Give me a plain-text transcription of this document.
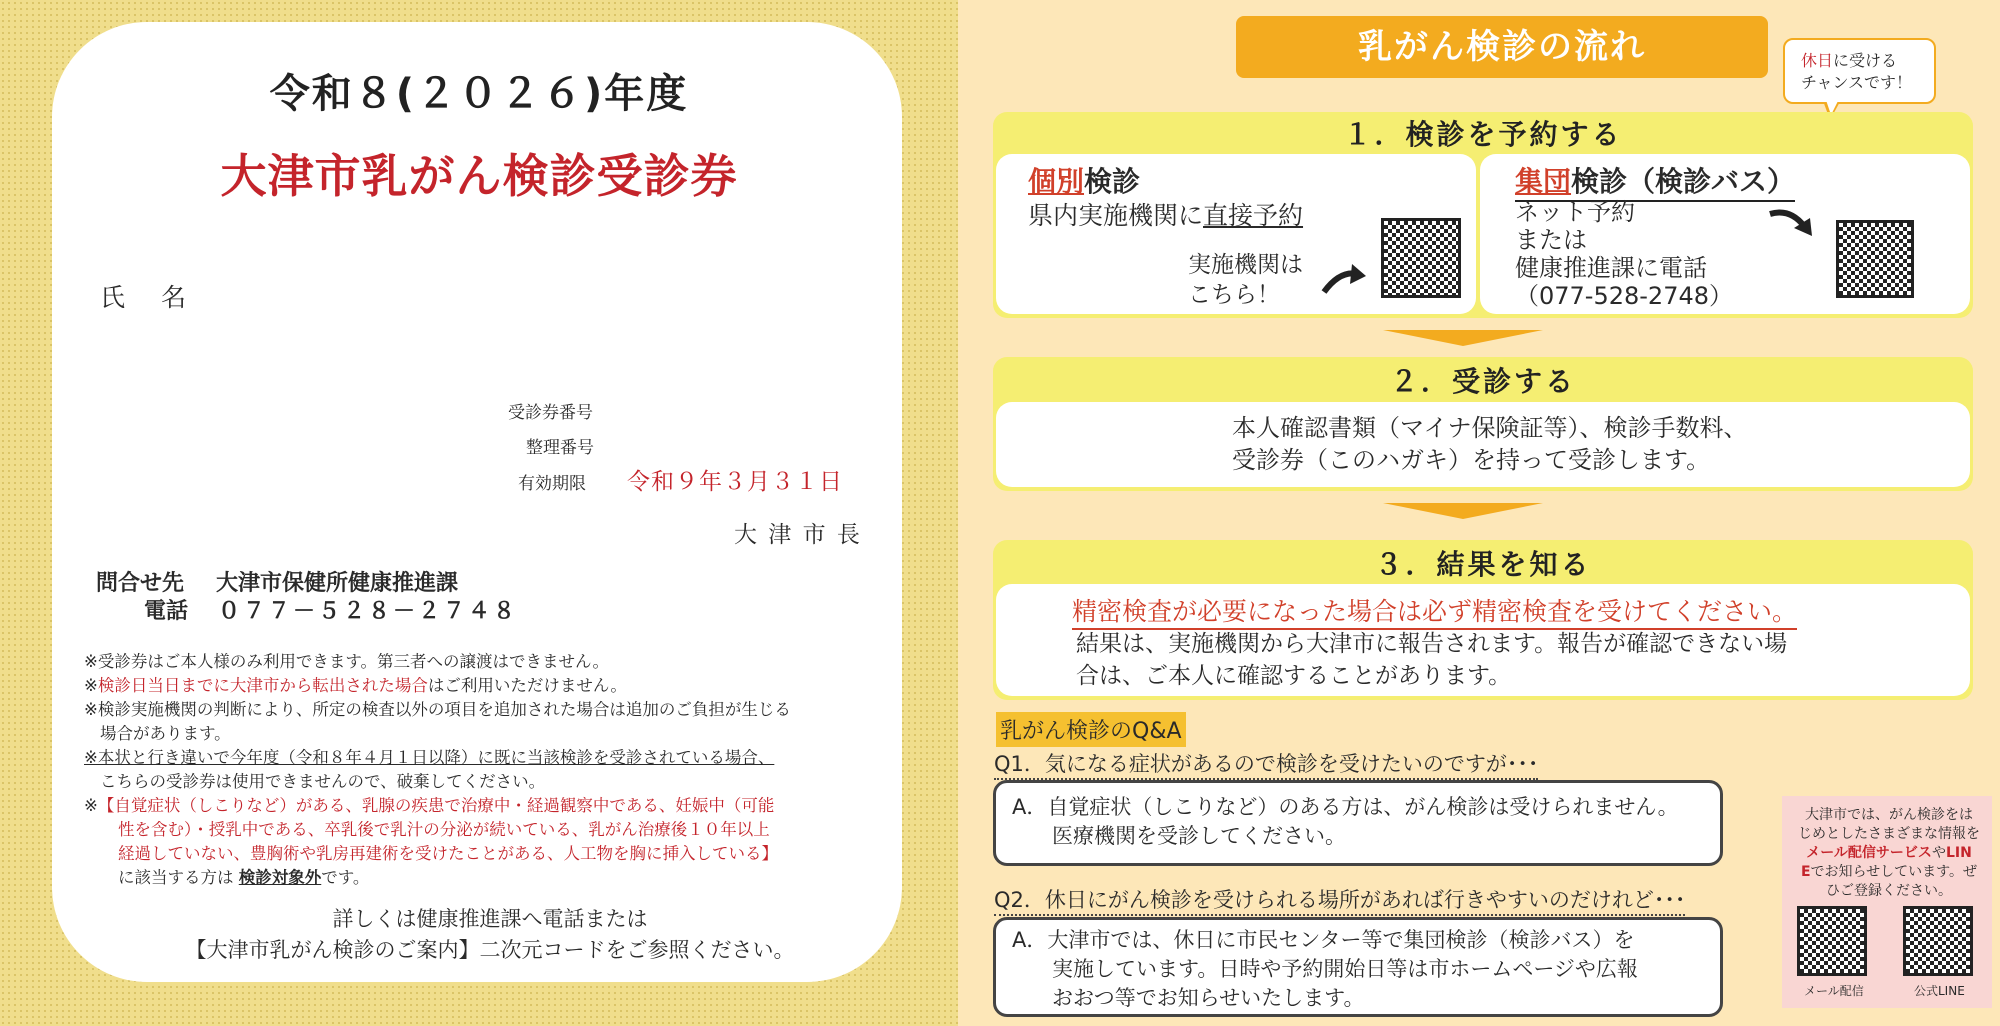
令和８(２０２６)年度
大津市乳がん検診受診券
氏 名
受診券番号
整理番号
有効期限 令和９年３月３１日
大 津 市 長
問合せ先 大津市保健所健康推進課
電話 ０７７－５２８－２７４８

※受診券はご本人様のみ利用できます。第三者への譲渡はできません。

※検診日当日までに大津市から転出された場合はご利用いただけません。

※検診実施機関の判断により、所定の検査以外の項目を追加された場合は追加のご負担が生じる

場合があります。

※本状と行き違いで今年度（令和８年４月１日以降）に既に当該検診を受診されている場合、

こちらの受診券は使用できませんので、破棄してください。

※【自覚症状（しこりなど）がある、乳腺の疾患で治療中・経過観察中である、妊娠中（可能

性を含む）・授乳中である、卒乳後で乳汁の分泌が続いている、乳がん治療後１０年以上

経過していない、豊胸術や乳房再建術を受けたことがある、人工物を胸に挿入している】

に該当する方は 検診対象外です。

詳しくは健康推進課へ電話または
【大津市乳がん検診のご案内】二次元コードをご参照ください。
乳がん検診の流れ	休日に受ける
チャンスです！
１．検診を予約する
個別検診
県内実施機関に直接予約
実施機関は
こちら！
集団検診（検診バス）
ネット予約
または
健康推進課に電話
（077-528-2748）
２．受診する
本人確認書類（マイナ保険証等）、検診手数料、
受診券（このハガキ）を持って受診します。
３．結果を知る
精密検査が必要になった場合は必ず精密検査を受けてください。
結果は、実施機関から大津市に報告されます。報告が確認できない場
合は、ご本人に確認することがあります。
乳がん検診のQ&A
Q1．気になる症状があるので検診を受けたいのですが･･･
A．自覚症状（しこりなど）のある方は、がん検診は受けられません。
医療機関を受診してください。
Q2．休日にがん検診を受けられる場所があれば行きやすいのだけれど･･･
A．大津市では、休日に市民センター等で集団検診（検診バス）を
実施しています。日時や予約開始日等は市ホームページや広報
おおつ等でお知らせいたします。
大津市では、がん検診をは
じめとしたさまざまな情報を
メール配信サービスやLIN
Eでお知らせしています。ぜ
ひご登録ください。
メール配信	公式LINE
